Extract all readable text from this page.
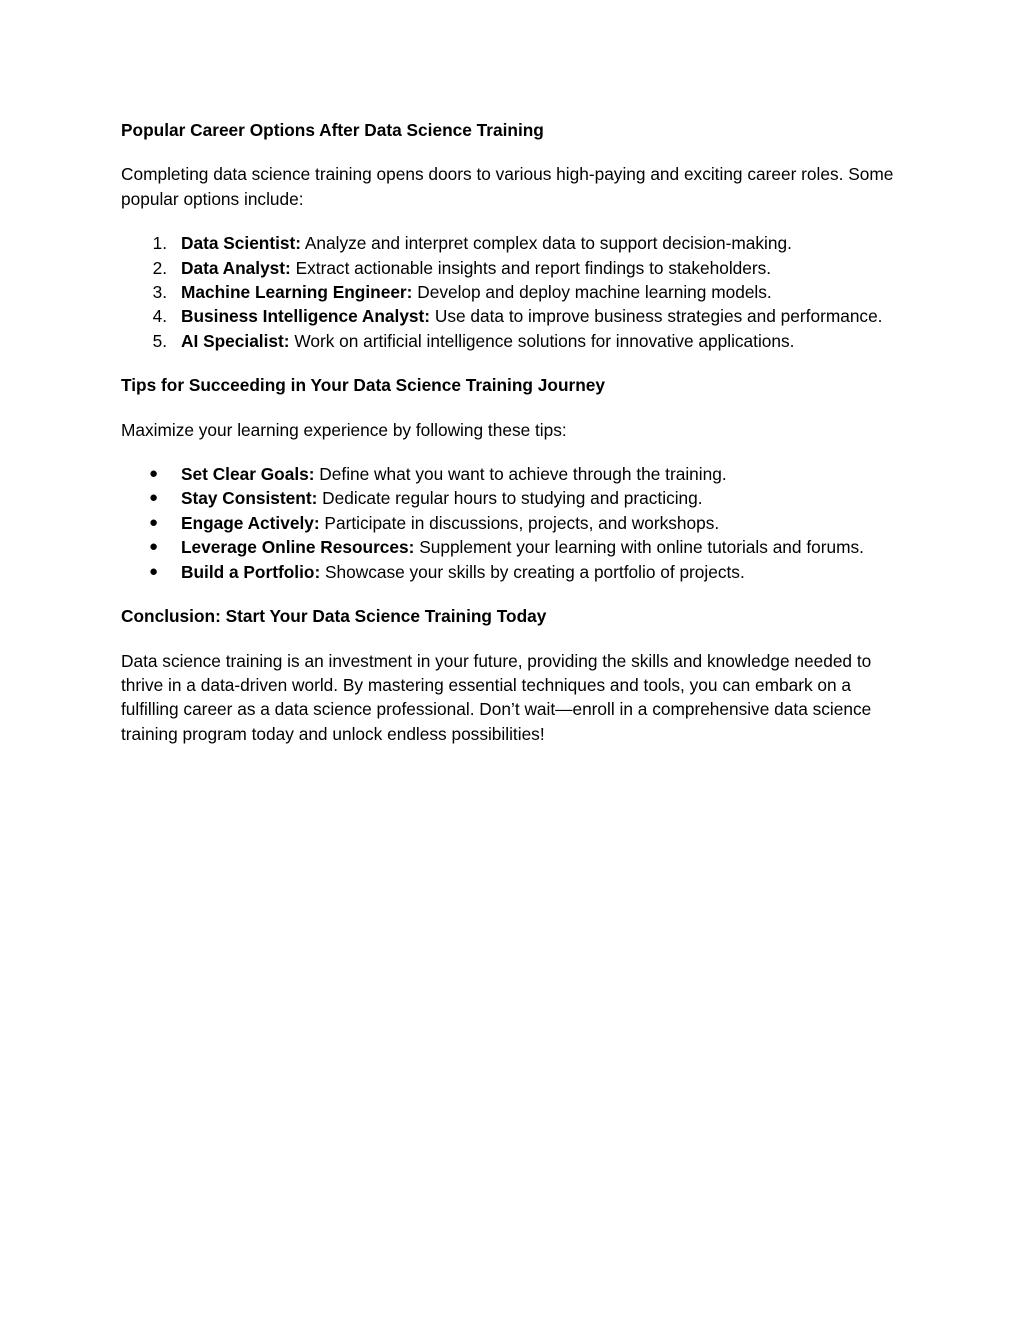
Popular Career Options After Data Science Training

Completing data science training opens doors to various high-paying and exciting career roles. Some popular options include:

1. Data Scientist: Analyze and interpret complex data to support decision-making.
2. Data Analyst: Extract actionable insights and report findings to stakeholders.
3. Machine Learning Engineer: Develop and deploy machine learning models.
4. Business Intelligence Analyst: Use data to improve business strategies and performance.
5. AI Specialist: Work on artificial intelligence solutions for innovative applications.
Tips for Succeeding in Your Data Science Training Journey

Maximize your learning experience by following these tips:

● Set Clear Goals: Define what you want to achieve through the training.
● Stay Consistent: Dedicate regular hours to studying and practicing.
● Engage Actively: Participate in discussions, projects, and workshops.
● Leverage Online Resources: Supplement your learning with online tutorials and forums.
● Build a Portfolio: Showcase your skills by creating a portfolio of projects.
Conclusion: Start Your Data Science Training Today

Data science training is an investment in your future, providing the skills and knowledge needed to thrive in a data-driven world. By mastering essential techniques and tools, you can embark on a fulfilling career as a data science professional. Don’t wait—enroll in a comprehensive data science training program today and unlock endless possibilities!
